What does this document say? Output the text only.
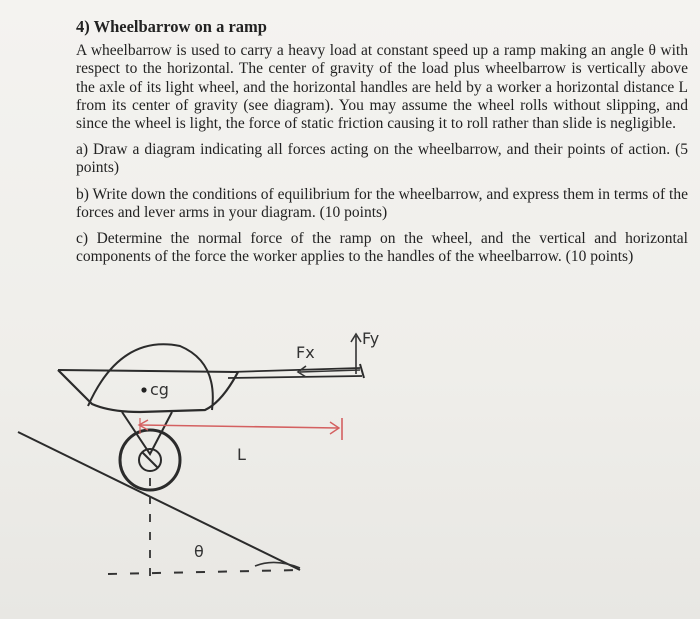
4) Wheelbarrow on a ramp

A wheelbarrow is used to carry a heavy load at constant speed up a ramp making an angle θ with respect to the horizontal. The center of gravity of the load plus wheelbarrow is vertically above the axle of its light wheel, and the horizontal handles are held by a worker a horizontal distance L from its center of gravity (see diagram). You may assume the wheel rolls without slipping, and since the wheel is light, the force of static friction causing it to roll rather than slide is negligible.

a) Draw a diagram indicating all forces acting on the wheelbarrow, and their points of action. (5 points)

b) Write down the conditions of equilibrium for the wheelbarrow, and express them in terms of the forces and lever arms in your diagram. (10 points)

c) Determine the normal force of the ramp on the wheel, and the vertical and horizontal components of the force the worker applies to the handles of the wheelbarrow. (10 points)

cg
Fx
Fy
L
θ
